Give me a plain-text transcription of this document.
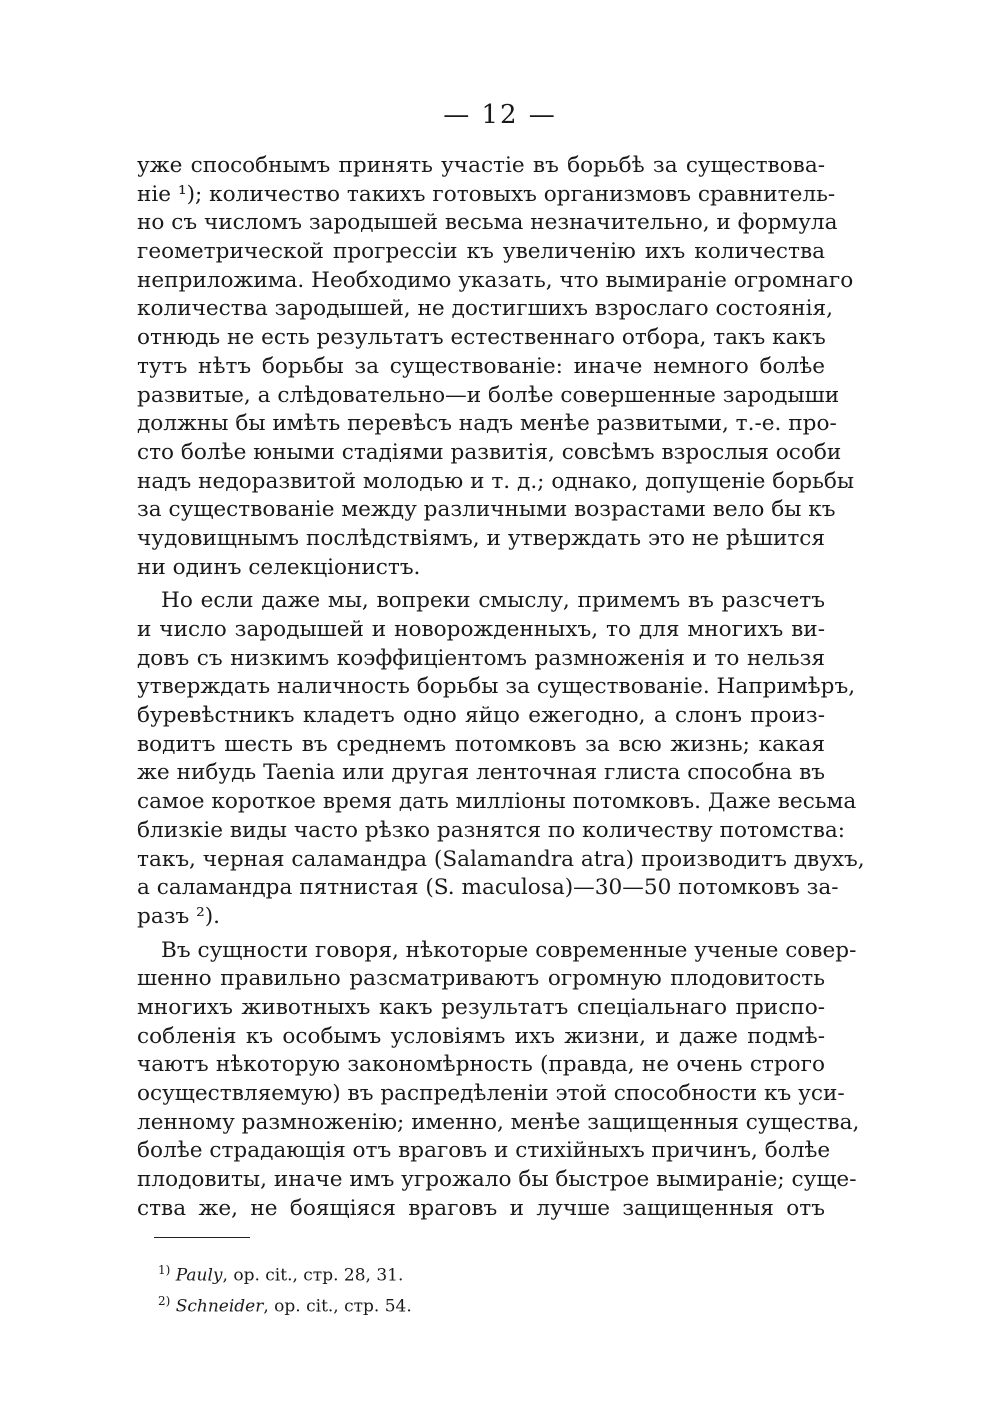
— 12 —
уже способнымъ принять участіе въ борьбѣ за существова-
ніе ¹); количество такихъ готовыхъ организмовъ сравнитель-
но съ числомъ зародышей весьма незначительно, и формула
геометрической прогрессіи къ увеличенію ихъ количества
неприложима. Необходимо указать, что вымираніе огромнаго
количества зародышей, не достигшихъ взрослаго состоянія,
отнюдь не есть результатъ естественнаго отбора, такъ какъ
тутъ нѣтъ борьбы за существованіе: иначе немного болѣе
развитые, а слѣдовательно—и болѣе совершенные зародыши
должны бы имѣть перевѣсъ надъ менѣе развитыми, т.-е. про-
сто болѣе юными стадіями развитія, совсѣмъ взрослыя особи
надъ недоразвитой молодью и т. д.; однако, допущеніе борьбы
за существованіе между различными возрастами вело бы къ
чудовищнымъ послѣдствіямъ, и утверждать это не рѣшится
ни одинъ селекціонистъ.
Но если даже мы, вопреки смыслу, примемъ въ разсчетъ
и число зародышей и новорожденныхъ, то для многихъ ви-
довъ съ низкимъ коэффиціентомъ размноженія и то нельзя
утверждать наличность борьбы за существованіе. Напримѣръ,
буревѣстникъ кладетъ одно яйцо ежегодно, а слонъ произ-
водитъ шесть въ среднемъ потомковъ за всю жизнь; какая
же нибудь Taenia или другая ленточная глиста способна въ
самое короткое время дать милліоны потомковъ. Даже весьма
близкіе виды часто рѣзко разнятся по количеству потомства:
такъ, черная саламандра (Salamandra atra) производитъ двухъ,
а саламандра пятнистая (S. maculosa)—30—50 потомковъ за-
разъ ²).
Въ сущности говоря, нѣкоторые современные ученые совер-
шенно правильно разсматриваютъ огромную плодовитость
многихъ животныхъ какъ результатъ спеціальнаго приспо-
собленія къ особымъ условіямъ ихъ жизни, и даже подмѣ-
чаютъ нѣкоторую закономѣрность (правда, не очень строго
осуществляемую) въ распредѣленіи этой способности къ уси-
ленному размноженію; именно, менѣе защищенныя существа,
болѣе страдающія отъ враговъ и стихійныхъ причинъ, болѣе
плодовиты, иначе имъ угрожало бы быстрое вымираніе; суще-
ства же, не боящіяся враговъ и лучше защищенныя отъ
$^{1)}$ Pauly, op. cit., стр. 28, 31.
$^{2)}$ Schneider, op. cit., стр. 54.
